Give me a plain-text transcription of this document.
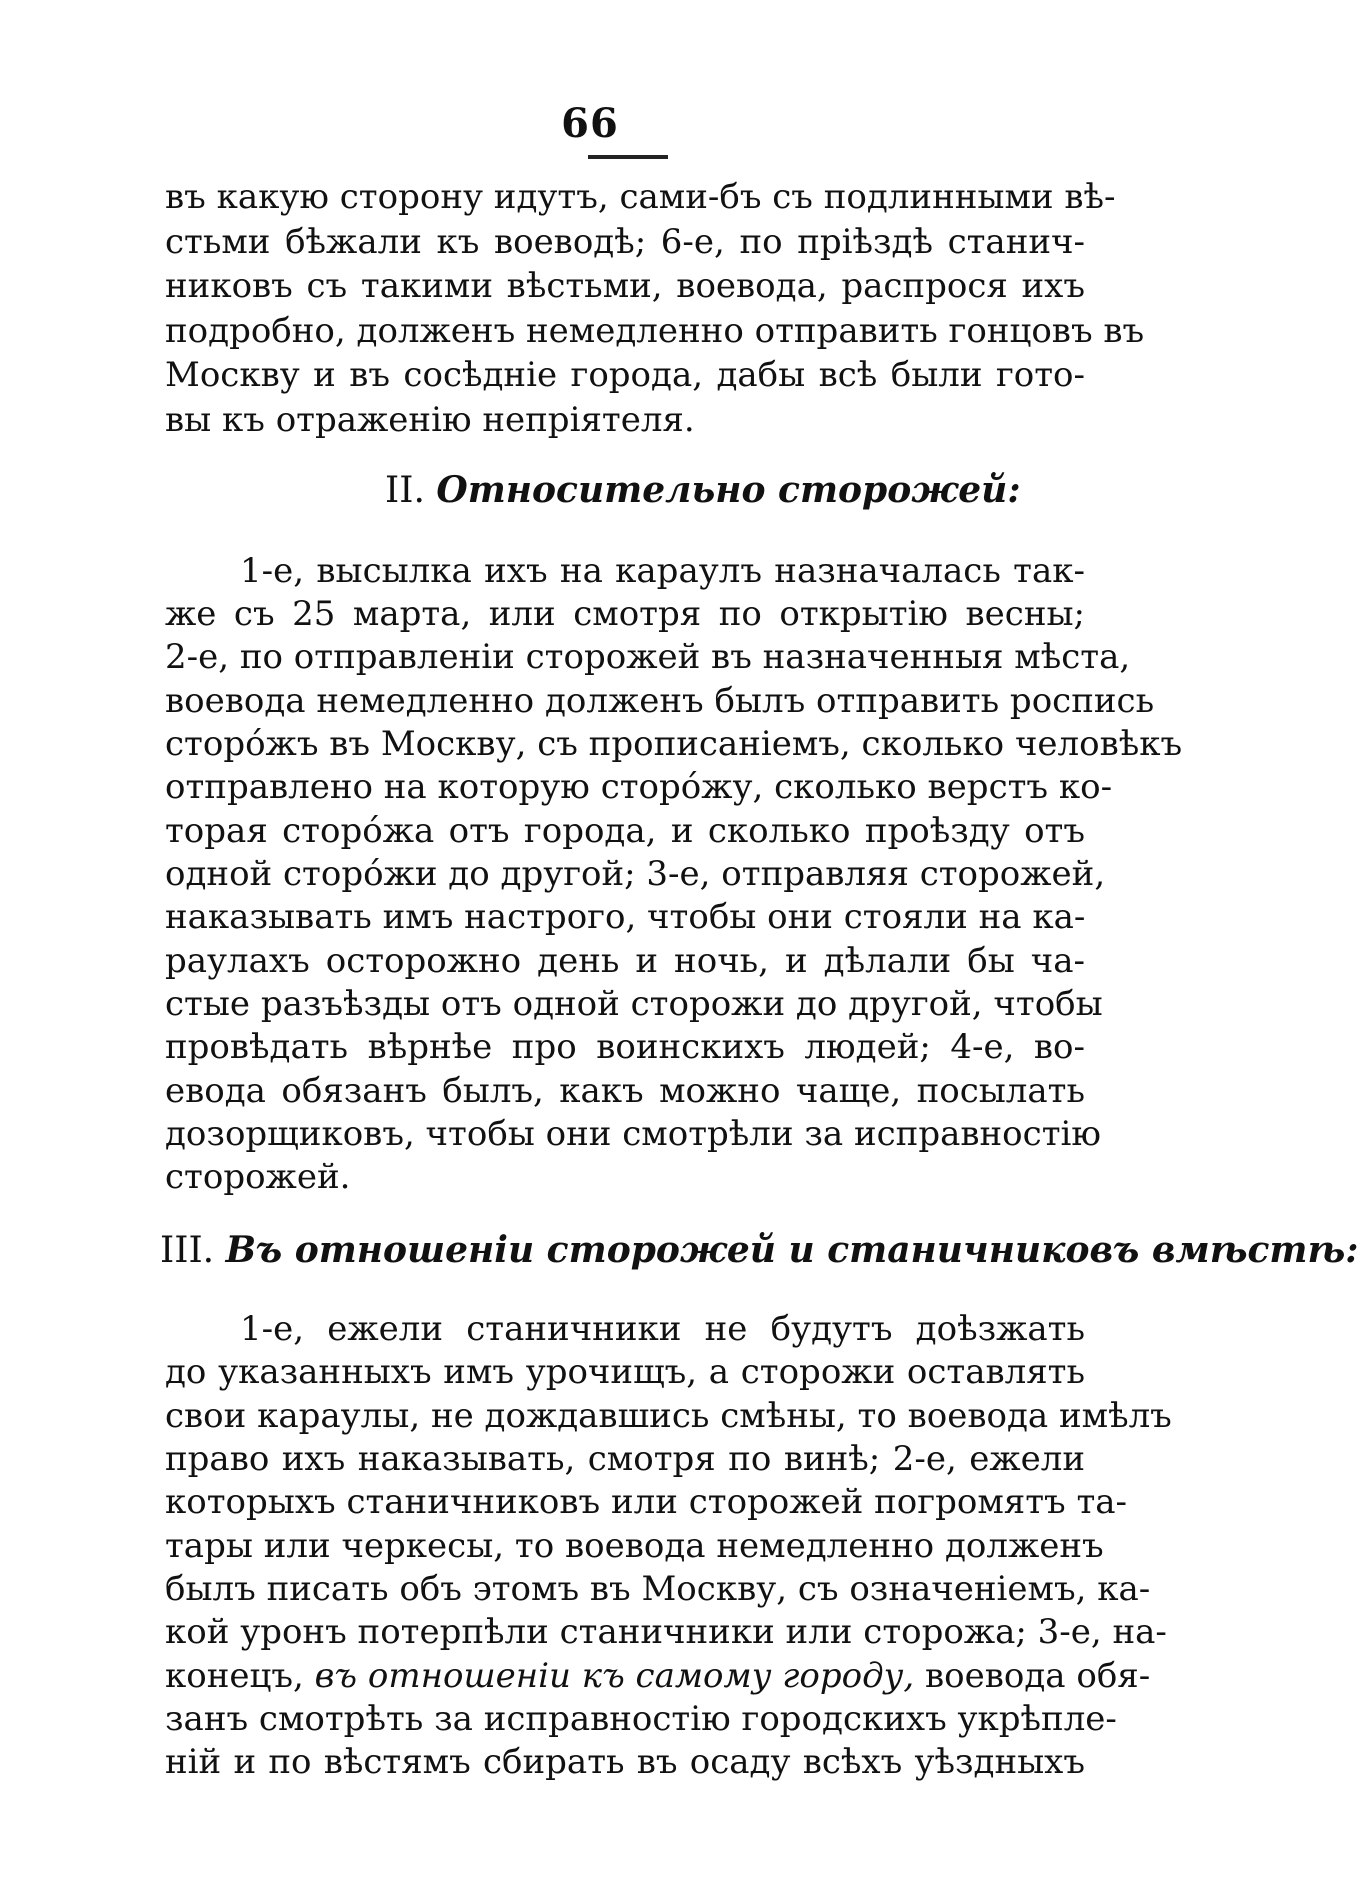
66
въ какую сторону идутъ, сами-бъ съ подлинными вѣ-
стьми бѣжали къ воеводѣ; 6-е, по пріѣздѣ станич-
никовъ съ такими вѣстьми, воевода, распрося ихъ
подробно, долженъ немедленно отправить гонцовъ въ
Москву и въ сосѣдніе города, дабы всѣ были гото-
вы къ отраженію непріятеля.
II. Относительно сторожей:
1-е, высылка ихъ на караулъ назначалась так-
же съ 25 марта, или смотря по открытію весны;
2-е, по отправленіи сторожей въ назначенныя мѣста,
воевода немедленно долженъ былъ отправить роспись
сторóжъ въ Москву, съ прописаніемъ, сколько человѣкъ
отправлено на которую сторóжу, сколько верстъ ко-
торая сторóжа отъ города, и сколько проѣзду отъ
одной сторóжи до другой; 3-е, отправляя сторожей,
наказывать имъ настрого, чтобы они стояли на ка-
раулахъ осторожно день и ночь, и дѣлали бы ча-
стые разъѣзды отъ одной сторожи до другой, чтобы
провѣдать вѣрнѣе про воинскихъ людей; 4-е, во-
евода обязанъ былъ, какъ можно чаще, посылать
дозорщиковъ, чтобы они смотрѣли за исправностію
сторожей.
III. Въ отношеніи сторожей и станичниковъ вмѣстѣ:
1-е, ежели станичники не будутъ доѣзжать
до указанныхъ имъ урочищъ, а сторожи оставлять
свои караулы, не дождавшись смѣны, то воевода имѣлъ
право ихъ наказывать, смотря по винѣ; 2-е, ежели
которыхъ станичниковъ или сторожей погромятъ та-
тары или черкесы, то воевода немедленно долженъ
былъ писать объ этомъ въ Москву, съ означеніемъ, ка-
кой уронъ потерпѣли станичники или сторожа; 3-е, на-
конецъ, въ отношеніи къ самому городу, воевода обя-
занъ смотрѣть за исправностію городскихъ укрѣпле-
ній и по вѣстямъ сбирать въ осаду всѣхъ уѣздныхъ
